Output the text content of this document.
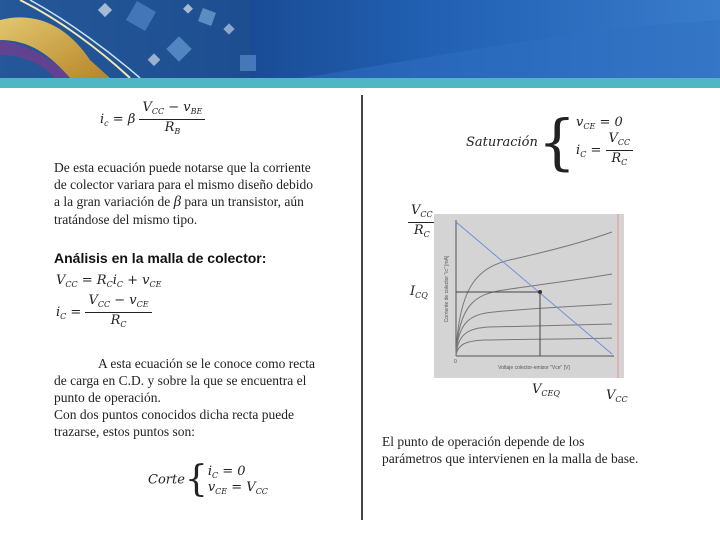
$i_c = \beta \frac{V_{CC} - v_{BE}}{R_B}$
De esta ecuación puede notarse que la corriente
de colector variara para el mismo diseño debido
a la gran variación de β para un transistor, aún
tratándose del mismo tipo.
Análisis en la malla de colector:
$V_{CC} = R_Ci_C + v_{CE}$
$i_C = \frac{V_{CC} - v_{CE}}{R_C}$
A esta ecuación se le conoce como recta
de carga en C.D. y sobre la que se encuentra el
punto de operación.
Con dos puntos conocidos dicha recta puede
trazarse, estos puntos son:
Corte{ $i_C = 0$
$v_{CE} = V_{CC}$
Saturación{ $v_{CE} = 0$
$i_C = \frac{V_{CC}}{R_C}$
$\frac{V_{CC}}{R_C}$
$I_{CQ}$
$V_{CEQ}$	$V_{CC}$
Corriente de colector "ic" [mA]
Voltaje colector-emisor "Vce" [V]
0
El punto de operación depende de los
parámetros que intervienen en la malla de base.
